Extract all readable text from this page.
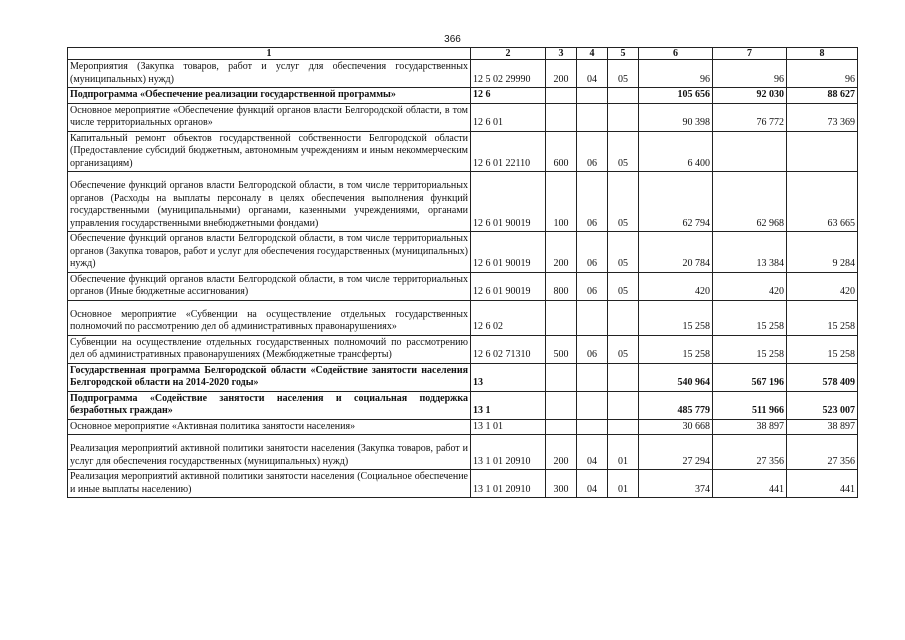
366
1	2	3	4	5	6	7	8
Мероприятия (Закупка товаров, работ и услуг для обеспечения государственных (муниципальных) нужд)	12 5 02 29990	200	04	05	96	96	96
Подпрограмма «Обеспечение реализации государственной программы»	12 6				105 656	92 030	88 627
Основное мероприятие «Обеспечение функций органов власти Белгородской области, в том числе территориальных органов»	12 6 01				90 398	76 772	73 369
Капитальный ремонт объектов государственной собственности Белгородской области (Предоставление субсидий бюджетным, автономным учреждениям и иным некоммерческим организациям)	12 6 01 22110	600	06	05	6 400		
Обеспечение функций органов власти Белгородской области, в том числе территориальных органов (Расходы на выплаты персоналу в целях обеспечения выполнения функций государственными (муниципальными) органами, казенными учреждениями, органами управления государственными внебюджетными фондами)	12 6 01 90019	100	06	05	62 794	62 968	63 665
Обеспечение функций органов власти Белгородской области, в том числе территориальных органов (Закупка товаров, работ и услуг для обеспечения государственных (муниципальных) нужд)	12 6 01 90019	200	06	05	20 784	13 384	9 284
Обеспечение функций органов власти Белгородской области, в том числе территориальных органов (Иные бюджетные ассигнования)	12 6 01 90019	800	06	05	420	420	420
Основное мероприятие «Субвенции на осуществление отдельных государственных полномочий по рассмотрению дел об административных правонарушениях»	12 6 02				15 258	15 258	15 258
Субвенции на осуществление отдельных государственных полномочий по рассмотрению дел об административных правонарушениях (Межбюджетные трансферты)	12 6 02 71310	500	06	05	15 258	15 258	15 258
Государственная программа Белгородской области «Содействие занятости населения Белгородской области на 2014-2020 годы»	13				540 964	567 196	578 409
Подпрограмма «Содействие занятости населения и социальная поддержка безработных граждан»	13 1				485 779	511 966	523 007
Основное мероприятие «Активная политика занятости населения»	13 1 01				30 668	38 897	38 897
Реализация мероприятий активной политики занятости населения (Закупка товаров, работ и услуг для обеспечения государственных (муниципальных) нужд)	13 1 01 20910	200	04	01	27 294	27 356	27 356
Реализация мероприятий активной политики занятости населения (Социальное обеспечение и иные выплаты населению)	13 1 01 20910	300	04	01	374	441	441
